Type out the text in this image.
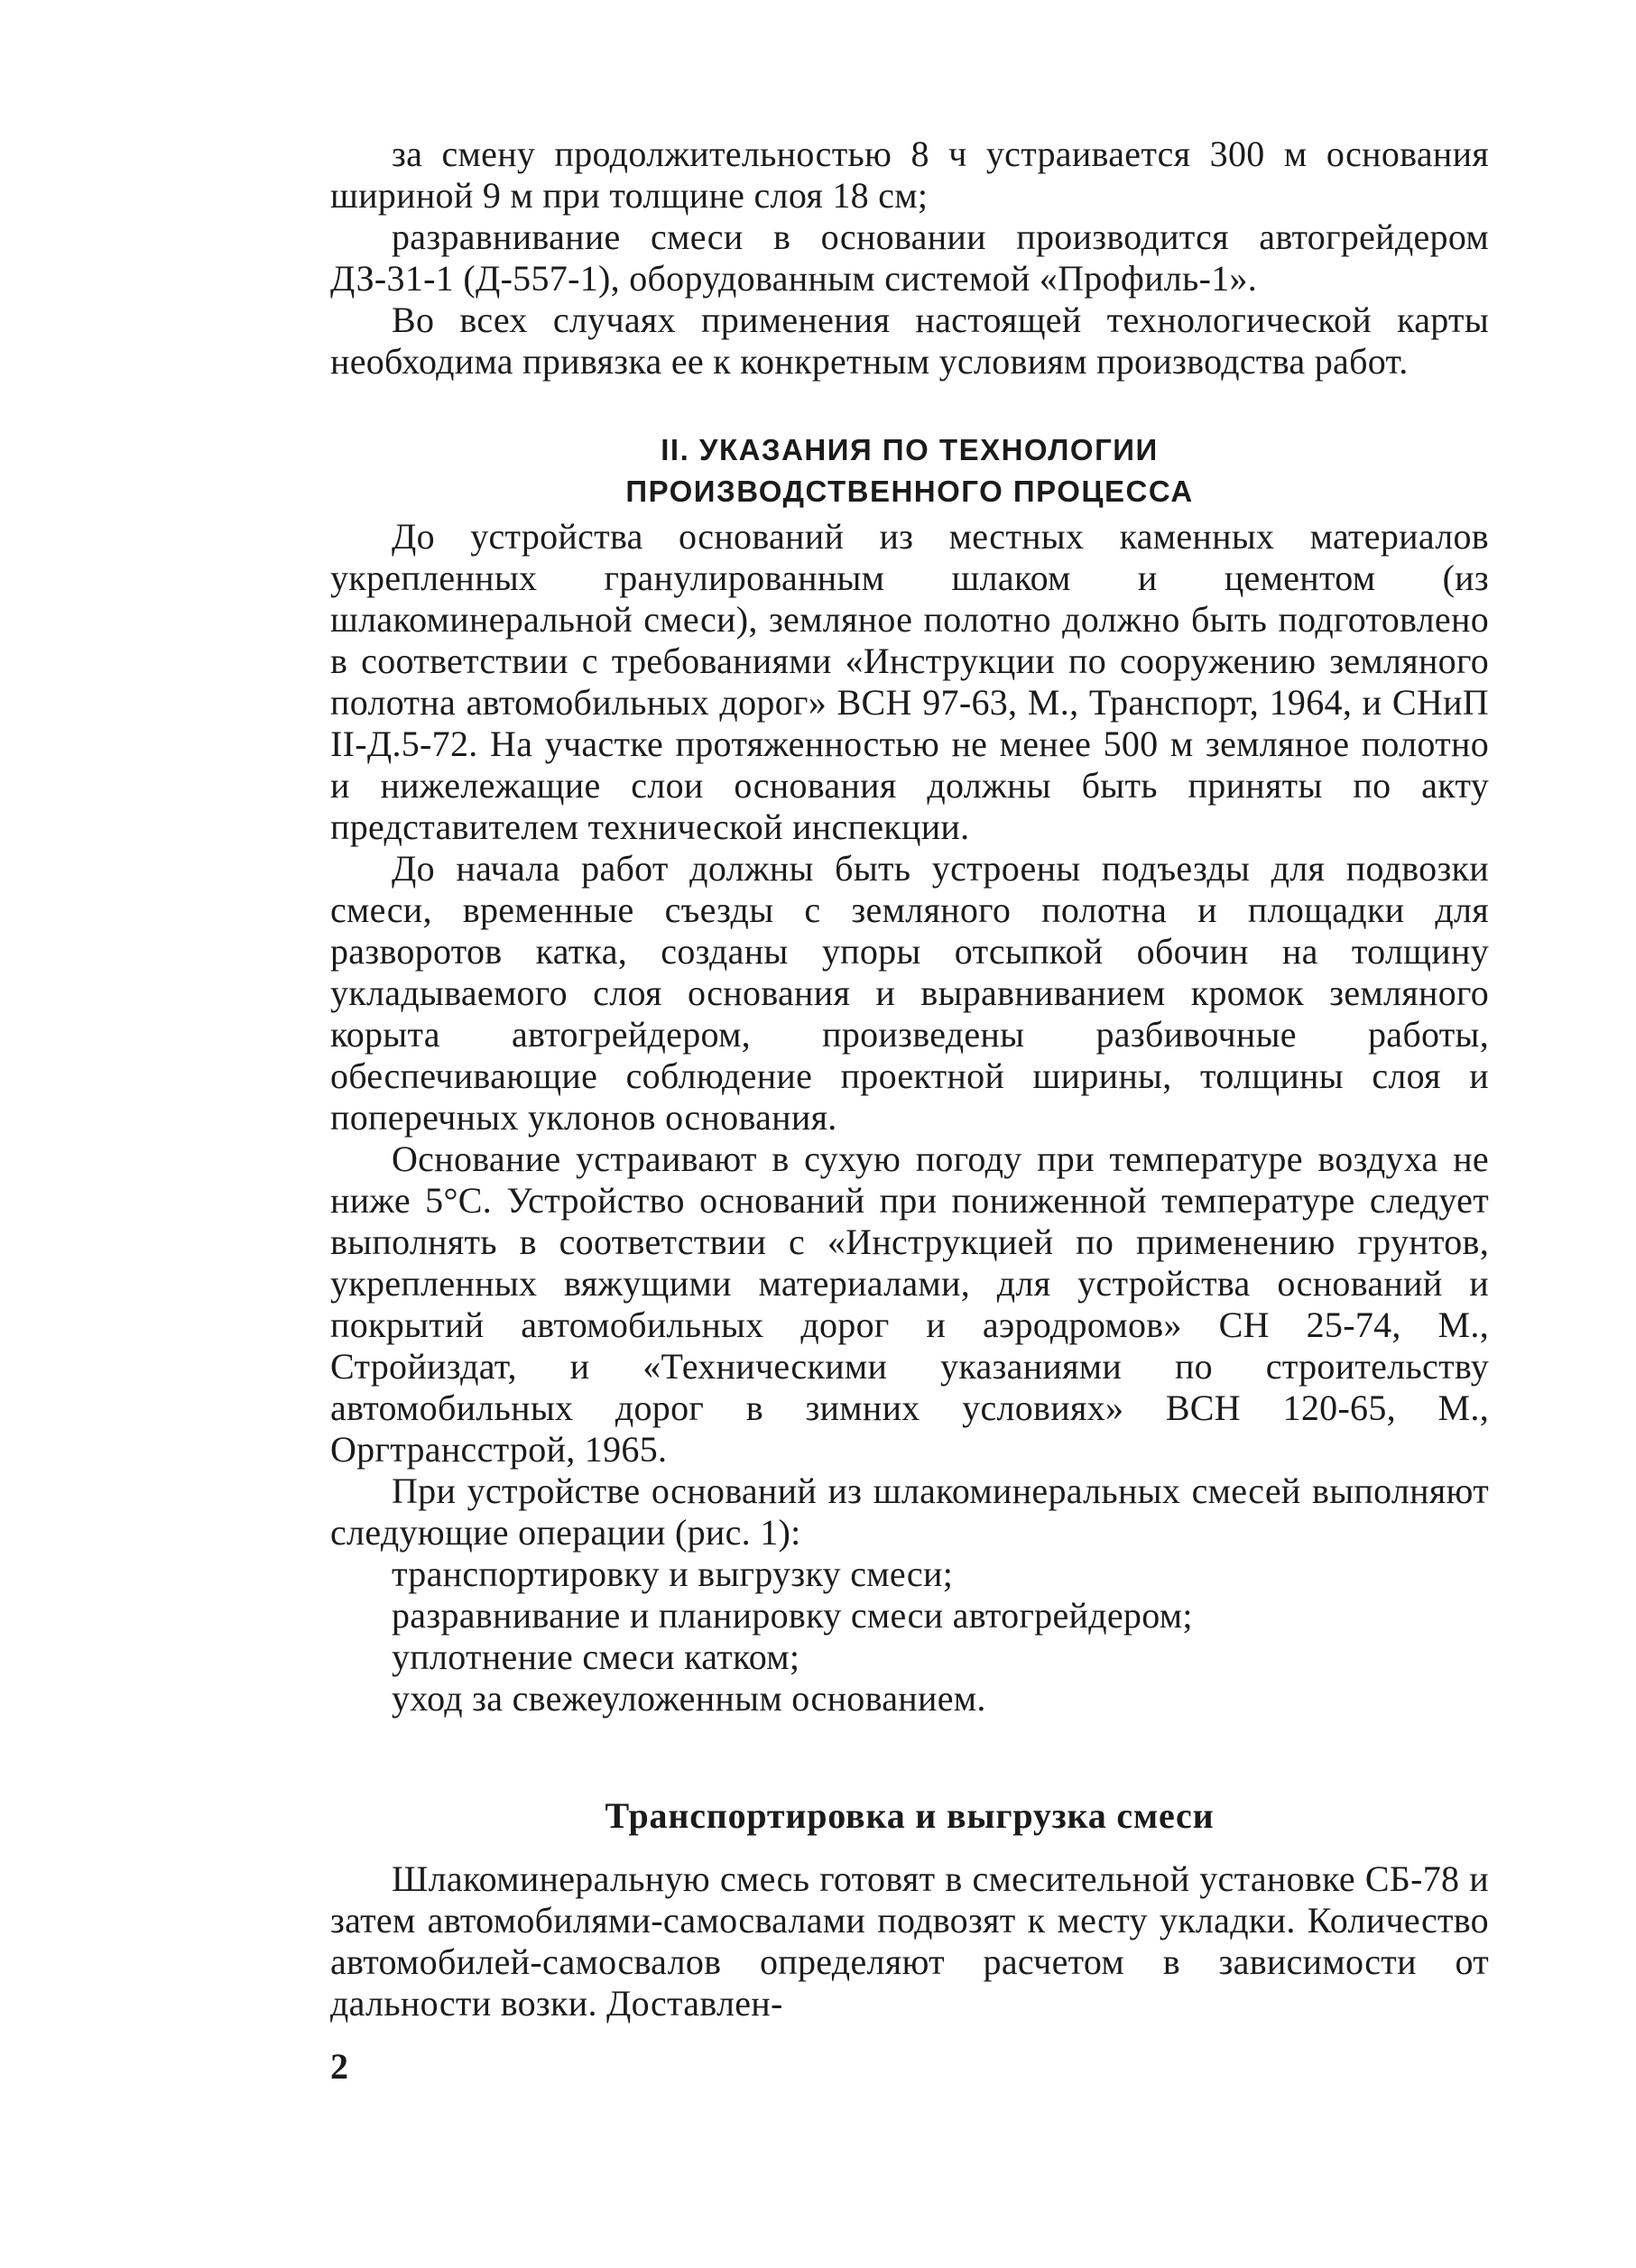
за смену продолжительностью 8 ч устраивается 300 м основания шириной 9 м при толщине слоя 18 см;

разравнивание смеси в основании производится автогрейдером ДЗ-31-1 (Д-557-1), оборудованным системой «Профиль-1».

Во всех случаях применения настоящей технологической карты необходима привязка ее к конкретным условиям производства работ.

II. УКАЗАНИЯ ПО ТЕХНОЛОГИИ
ПРОИЗВОДСТВЕННОГО ПРОЦЕССА

До устройства оснований из местных каменных материалов укрепленных гранулированным шлаком и цементом (из шлакоминеральной смеси), земляное полотно должно быть подготовлено в соответствии с требованиями «Инструкции по сооружению земляного полотна автомобильных дорог» ВСН 97-63, М., Транспорт, 1964, и СНиП II-Д.5-72. На участке протяженностью не менее 500 м земляное полотно и нижележащие слои основания должны быть приняты по акту представителем технической инспекции.

До начала работ должны быть устроены подъезды для подвозки смеси, временные съезды с земляного полотна и площадки для разворотов катка, созданы упоры отсыпкой обочин на толщину укладываемого слоя основания и выравниванием кромок земляного корыта автогрейдером, произведены разбивочные работы, обеспечивающие соблюдение проектной ширины, толщины слоя и поперечных уклонов основания.

Основание устраивают в сухую погоду при температуре воздуха не ниже 5°С. Устройство оснований при пониженной температуре следует выполнять в соответствии с «Инструкцией по применению грунтов, укрепленных вяжущими материалами, для устройства оснований и покрытий автомобильных дорог и аэродромов» СН 25-74, М., Стройиздат, и «Техническими указаниями по строительству автомобильных дорог в зимних условиях» ВСН 120-65, М., Оргтрансстрой, 1965.

При устройстве оснований из шлакоминеральных смесей выполняют следующие операции (рис. 1):

транспортировку и выгрузку смеси;
разравнивание и планировку смеси автогрейдером;
уплотнение смеси катком;
уход за свежеуложенным основанием.
Транспортировка и выгрузка смеси

Шлакоминеральную смесь готовят в смесительной установке СБ-78 и затем автомобилями-самосвалами подвозят к месту укладки. Количество автомобилей-самосвалов определяют расчетом в зависимости от дальности возки. Доставлен-

2
